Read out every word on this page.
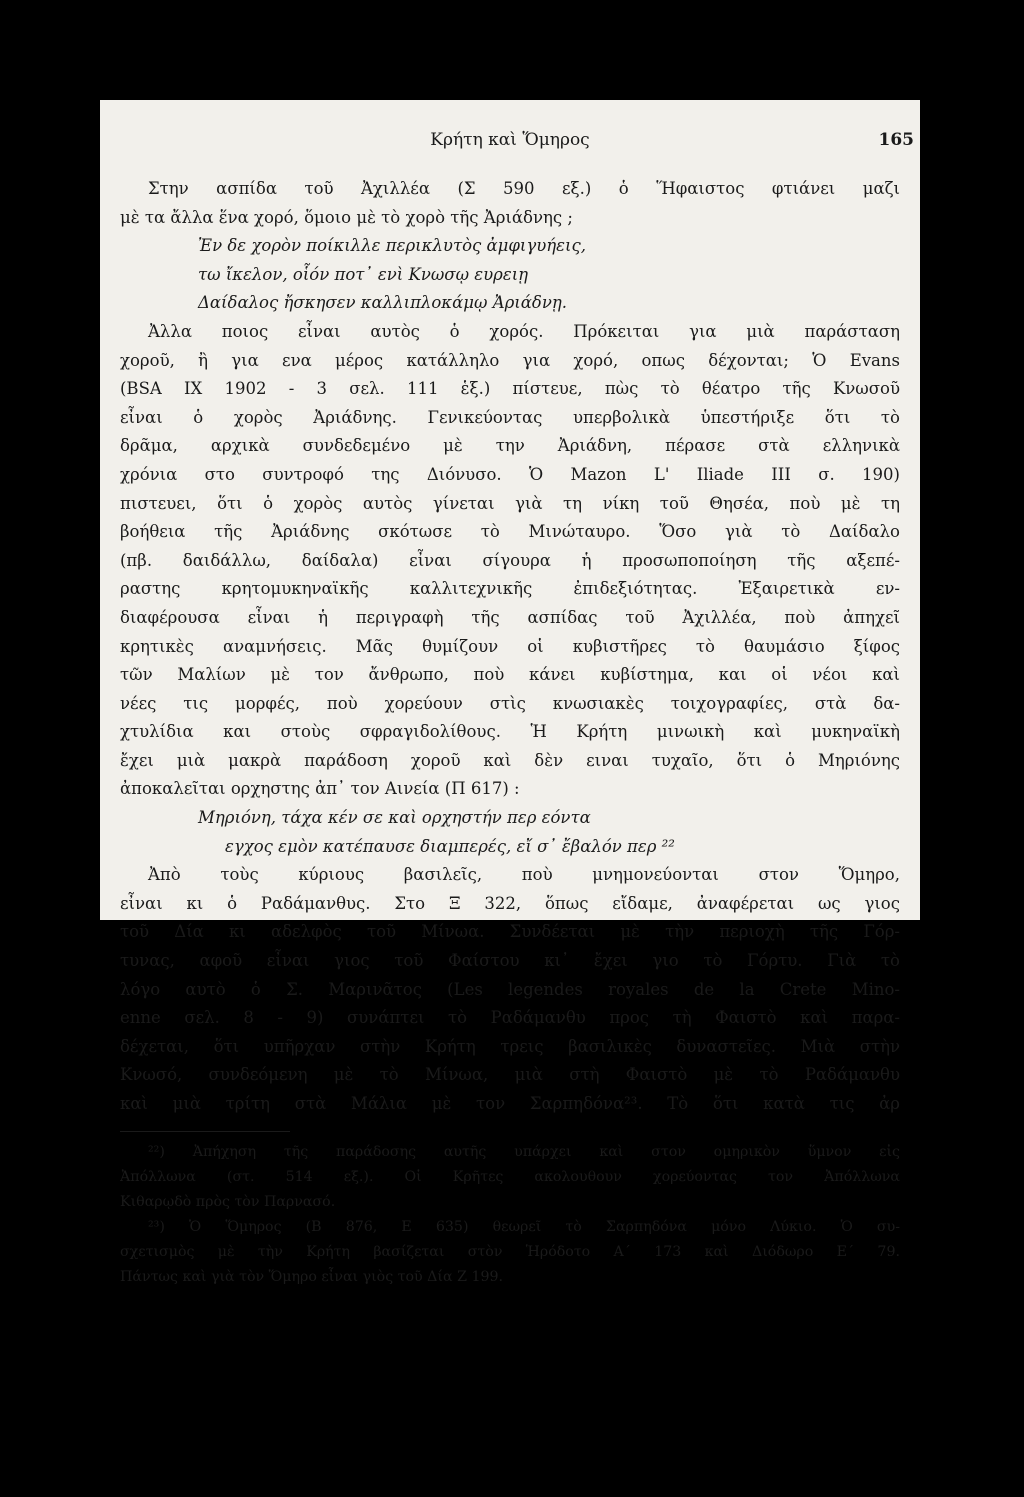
Κρήτη καὶ Ὅμηρος	165
Στην ασπίδα τοῦ Ἀχιλλέα (Σ 590 εξ.) ὁ Ἥφαιστος φτιάνει μαζι
μὲ τα ἄλλα ἕνα χορό, ὅμοιο μὲ τὸ χορὸ τῆς Ἀριάδνης ;
Ἐν δε χορὸν ποίκιλλε περικλυτὸς ἀμφιγυήεις,
τω ἴκελον, οἷόν ποτ᾽ ενὶ Κνωσῳ ευρειῃ
Δαίδαλος ἤσκησεν καλλιπλοκάμῳ Ἀριάδνῃ.
Ἀλλα ποιος εἶναι αυτὸς ὁ χορός. Πρόκειται για μιὰ παράσταση
χοροῦ, ἢ για ενα μέρος κατάλληλο για χορό, οπως δέχονται; Ὁ Evans
(BSA IX 1902 - 3 σελ. 111 ἑξ.) πίστευε, πὼς τὸ θέατρο τῆς Κνωσοῦ
εἶναι ὁ χορὸς Ἀριάδνης. Γενικεύοντας υπερβολικὰ ὑπεστήριξε ὅτι τὸ
δρᾶμα, αρχικὰ συνδεδεμένο μὲ την Ἀριάδνη, πέρασε στὰ ελληνικὰ
χρόνια στο συντροφό της Διόνυσο. Ὁ Mazon L' Iliade III σ. 190)
πιστευει, ὅτι ὁ χορὸς αυτὸς γίνεται γιὰ τη νίκη τοῦ Θησέα, ποὺ μὲ τη
βοήθεια τῆς Ἀριάδνης σκότωσε τὸ Μινώταυρο. Ὅσο γιὰ τὸ Δαίδαλο
(πβ. δαιδάλλω, δαίδαλα) εἶναι σίγουρα ἡ προσωποποίηση τῆς αξεπέ-
ραστης κρητομυκηναϊκῆς καλλιτεχνικῆς ἐπιδεξιότητας. Ἐξαιρετικὰ εν-
διαφέρουσα εἶναι ἡ περιγραφὴ τῆς ασπίδας τοῦ Ἀχιλλέα, ποὺ ἀπηχεῖ
κρητικὲς αναμνήσεις. Μᾶς θυμίζουν οἱ κυβιστῆρες τὸ θαυμάσιο ξίφος
τῶν Μαλίων μὲ τον ἄνθρωπο, ποὺ κάνει κυβίστημα, και οἱ νέοι καὶ
νέες τις μορφές, ποὺ χορεύουν στὶς κνωσιακὲς τοιχογραφίες, στὰ δα-
χτυλίδια και στοὺς σφραγιδολίθους. Ἡ Κρήτη μινωικὴ καὶ μυκηναϊκὴ
ἔχει μιὰ μακρὰ παράδοση χοροῦ καὶ δὲν ειναι τυχαῖο, ὅτι ὁ Μηριόνης
ἀποκαλεῖται ορχηστης ἀπ᾽ τον Αινεία (Π 617) :
Μηριόνη, τάχα κέν σε καὶ ορχηστήν περ εόντα
εγχος εμὸν κατέπαυσε διαμπερές, εἴ σ᾽ ἔβαλόν περ ²²
Ἀπὸ τοὺς κύριους βασιλεῖς, ποὺ μνημονεύονται στον Ὅμηρο,
εἶναι κι ὁ Ραδάμανθυς. Στο Ξ 322, ὅπως εἴδαμε, ἀναφέρεται ως γιος
τοῦ Δία κι αδελφὸς τοῦ Μίνωα. Συνδέεται μὲ τὴν περιοχὴ τῆς Γόρ-
τυνας, αφοῦ εἶναι γιος τοῦ Φαίστου κι᾽ ἔχει γιο τὸ Γόρτυ. Γιὰ τὸ
λόγο αυτὸ ὁ Σ. Μαρινᾶτος (Les legendes royales de la Crete Mino-
enne σελ. 8 - 9) συνάπτει τὸ Ραδάμανθυ προς τὴ Φαιστὸ καὶ παρα-
δέχεται, ὅτι υπῆρχαν στὴν Κρήτη τρεις βασιλικὲς δυναστεῖες. Μιὰ στὴν
Κνωσό, συνδεόμενη μὲ τὸ Μίνωα, μιὰ στὴ Φαιστὸ μὲ τὸ Ραδάμανθυ
καὶ μιὰ τρίτη στὰ Μάλια μὲ τον Σαρπηδόνα²³. Τὸ ὅτι κατὰ τις ἀρ
²²) Ἀπήχηση τῆς παράδοσης αυτῆς υπάρχει καὶ στον ομηρικὸν ὕμνον εἰς
Ἀπόλλωνα (στ. 514 εξ.). Οἱ Κρῆτες ακολουθουν χορεύοντας τον Ἀπόλλωνα
Κιθαρῳδὸ πρὸς τὸν Παρνασό.
²³) Ὁ Ὅμηρος (Β 876, Ε 635) θεωρεῖ τὸ Σαρπηδόνα μόνο Λύκιο. Ὁ συ-
σχετισμὸς μὲ τὴν Κρήτη βασίζεται στὸν Ἡρόδοτο Α΄ 173 καὶ Διόδωρο Ε΄ 79.
Πάντως καὶ γιὰ τὸν Ὅμηρο εἶναι γιὸς τοῦ Δία Ζ 199.
